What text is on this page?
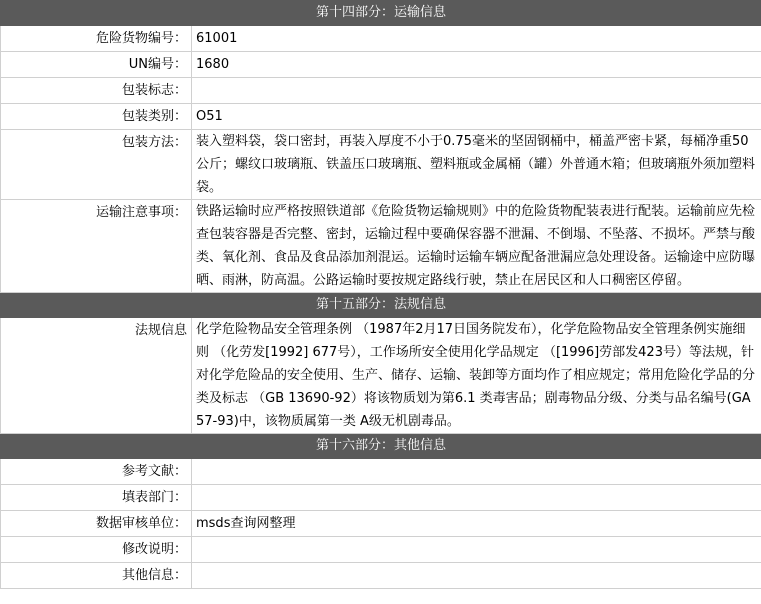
第十四部分：运输信息	
危险货物编号：	61001
UN编号：	1680
包装标志：	
包装类别：	O51
包装方法：	装入塑料袋，袋口密封，再装入厚度不小于0.75毫米的坚固钢桶中，桶盖严密卡紧，每桶净重50公斤；螺纹口玻璃瓶、铁盖压口玻璃瓶、塑料瓶或金属桶（罐）外普通木箱；但玻璃瓶外须加塑料袋。
运输注意事项：	铁路运输时应严格按照铁道部《危险货物运输规则》中的危险货物配装表进行配装。运输前应先检查包装容器是否完整、密封，运输过程中要确保容器不泄漏、不倒塌、不坠落、不损坏。严禁与酸类、氧化剂、食品及食品添加剂混运。运输时运输车辆应配备泄漏应急处理设备。运输途中应防曝晒、雨淋，防高温。公路运输时要按规定路线行驶，禁止在居民区和人口稠密区停留。
第十五部分：法规信息	
法规信息	化学危险物品安全管理条例 （1987年2月17日国务院发布），化学危险物品安全管理条例实施细则 （化劳发[1992] 677号），工作场所安全使用化学品规定 （[1996]劳部发423号）等法规，针对化学危险品的安全使用、生产、储存、运输、装卸等方面均作了相应规定；常用危险化学品的分类及标志 （GB 13690-92）将该物质划为第6.1 类毒害品；剧毒物品分级、分类与品名编号(GA 57-93)中，该物质属第一类 A级无机剧毒品。
第十六部分：其他信息	
参考文献：	
填表部门：	
数据审核单位：	msds查询网整理
修改说明：	
其他信息：	
